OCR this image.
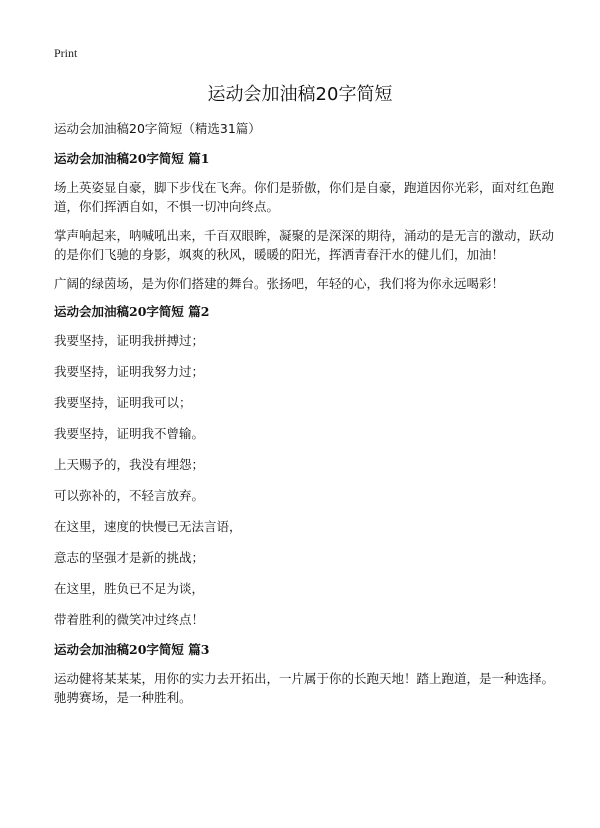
Print
运动会加油稿20字简短

运动会加油稿20字简短（精选31篇）

运动会加油稿20字简短 篇1

场上英姿显自豪，脚下步伐在飞奔。你们是骄傲，你们是自豪，跑道因你光彩，面对红色跑道，你们挥洒自如，不惧一切冲向终点。

掌声响起来，呐喊吼出来，千百双眼眸，凝聚的是深深的期待，涌动的是无言的激动，跃动的是你们飞驰的身影，飒爽的秋风，暖暖的阳光，挥洒青春汗水的健儿们，加油！

广阔的绿茵场，是为你们搭建的舞台。张扬吧，年轻的心，我们将为你永远喝彩！

运动会加油稿20字简短 篇2

我要坚持，证明我拼搏过；

我要坚持，证明我努力过；

我要坚持，证明我可以；

我要坚持，证明我不曾输。

上天赐予的，我没有埋怨；

可以弥补的，不轻言放弃。

在这里，速度的快慢已无法言语，

意志的坚强才是新的挑战；

在这里，胜负已不足为谈，

带着胜利的微笑冲过终点！

运动会加油稿20字简短 篇3

运动健将某某某，用你的实力去开拓出，一片属于你的长跑天地！踏上跑道，是一种选择。驰骋赛场，是一种胜利。
